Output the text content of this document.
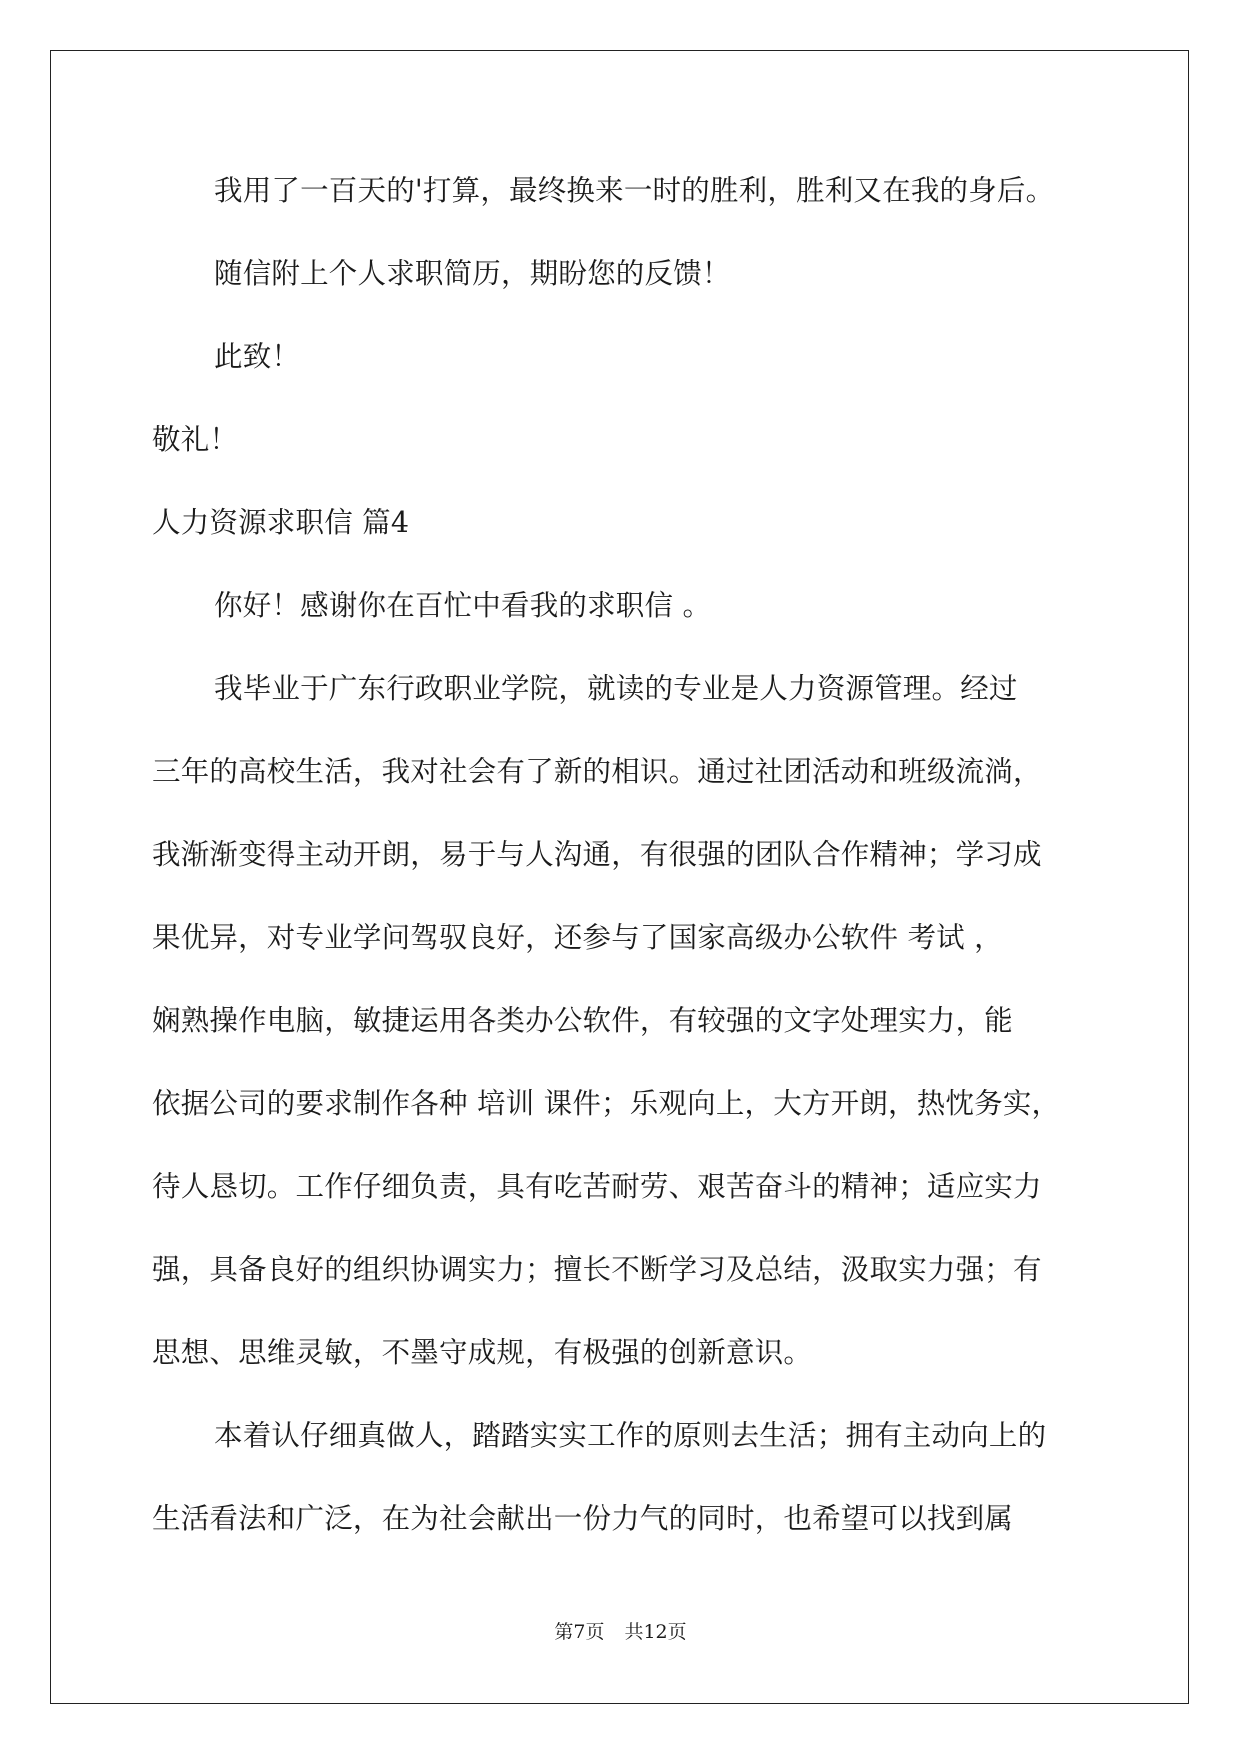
我用了一百天的'打算，最终换来一时的胜利，胜利又在我的身后。
随信附上个人求职简历，期盼您的反馈！
此致！
敬礼！
人力资源求职信 篇4
你好！感谢你在百忙中看我的求职信 。
我毕业于广东行政职业学院，就读的专业是人力资源管理。经过
三年的高校生活，我对社会有了新的相识。通过社团活动和班级流淌，
我渐渐变得主动开朗，易于与人沟通，有很强的团队合作精神；学习成
果优异，对专业学问驾驭良好，还参与了国家高级办公软件 考试 ，
娴熟操作电脑，敏捷运用各类办公软件，有较强的文字处理实力，能
依据公司的要求制作各种 培训 课件；乐观向上，大方开朗，热忱务实，
待人恳切。工作仔细负责，具有吃苦耐劳、艰苦奋斗的精神；适应实力
强，具备良好的组织协调实力；擅长不断学习及总结，汲取实力强；有
思想、思维灵敏，不墨守成规，有极强的创新意识。
本着认仔细真做人，踏踏实实工作的原则去生活；拥有主动向上的
生活看法和广泛，在为社会献出一份力气的同时，也希望可以找到属
第7页 共12页
